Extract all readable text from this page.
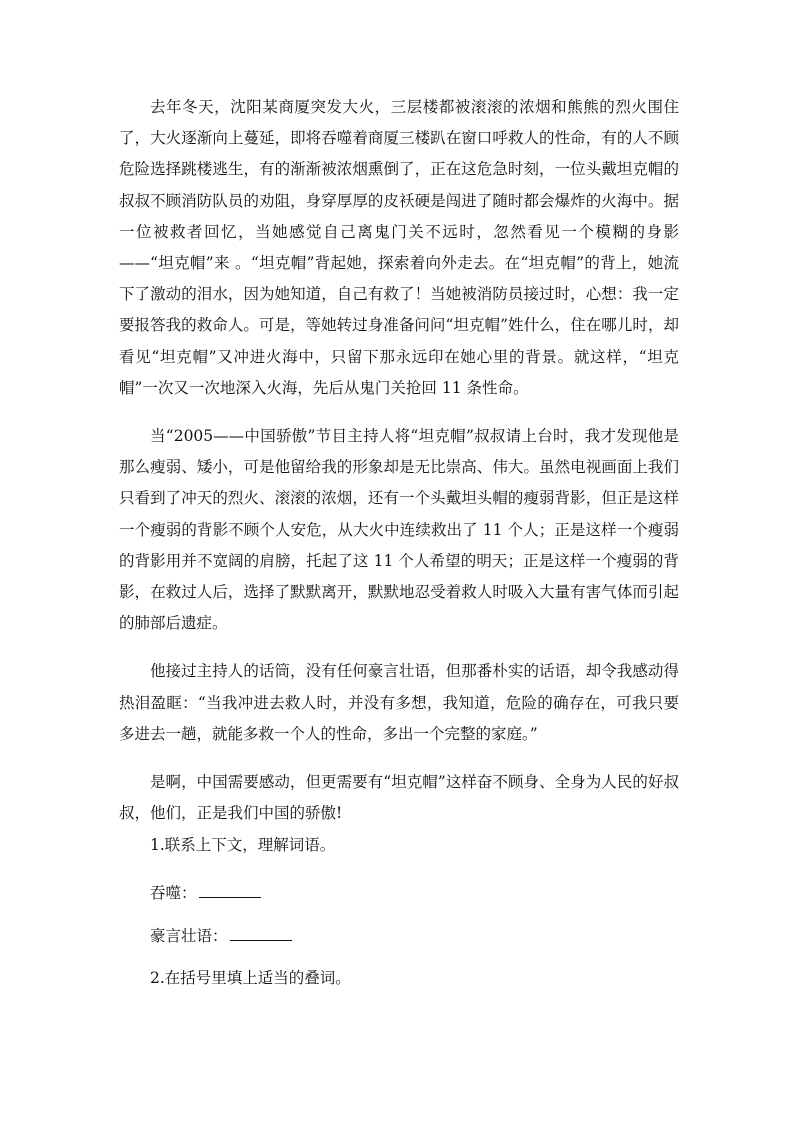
去年冬天，沈阳某商厦突发大火，三层楼都被滚滚的浓烟和熊熊的烈火围住了，大火逐渐向上蔓延，即将吞噬着商厦三楼趴在窗口呼救人的性命，有的人不顾危险选择跳楼逃生，有的渐渐被浓烟熏倒了，正在这危急时刻，一位头戴坦克帽的叔叔不顾消防队员的劝阻，身穿厚厚的皮袄硬是闯进了随时都会爆炸的火海中。据 一位被救者回忆，当她感觉自己离鬼门关不远时，忽然看见一个模糊的身影——“坦克帽”来 。“坦克帽”背起她，探索着向外走去。在“坦克帽”的背上，她流下了激动的泪水，因为她知道，自己有救了！当她被消防员接过时，心想：我一定要报答我的救命人。可是，等她转过身准备问问“坦克帽”姓什么，住在哪儿时，却看见“坦克帽”又冲进火海中，只留下那永远印在她心里的背景。就这样，“坦克帽”一次又一次地深入火海，先后从鬼门关抢回 11 条性命。

当“2005——中国骄傲”节目主持人将“坦克帽”叔叔请上台时，我才发现他是那么瘦弱、矮小，可是他留给我的形象却是无比崇高、伟大。虽然电视画面上我们只看到了冲天的烈火、滚滚的浓烟，还有一个头戴坦头帽的瘦弱背影，但正是这样一个瘦弱的背影不顾个人安危，从大火中连续救出了 11 个人；正是这样一个瘦弱的背影用并不宽阔的肩膀，托起了这 11 个人希望的明天；正是这样一个瘦弱的背影，在救过人后，选择了默默离开，默默地忍受着救人时吸入大量有害气体而引起的肺部后遗症。

他接过主持人的话筒，没有任何豪言壮语，但那番朴实的话语，却令我感动得热泪盈眶：“当我冲进去救人时，并没有多想，我知道，危险的确存在，可我只要多进去一趟，就能多救一个人的性命，多出一个完整的家庭。”

是啊，中国需要感动，但更需要有“坦克帽”这样奋不顾身、全身为人民的好叔叔，他们，正是我们中国的骄傲!

1.联系上下文，理解词语。
吞噬：
豪言壮语：
2.在括号里填上适当的叠词。
